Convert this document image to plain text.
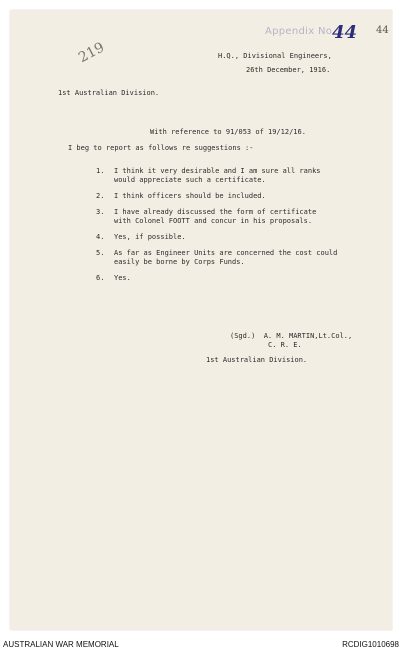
Appendix No.
44 44
219	H.Q., Divisional Engineers,
26th December, 1916.
1st Australian Division.
With reference to 91/053 of 19/12/16.
I beg to report as follows re suggestions :-
1.	I think it very desirable and I am sure all ranks
would appreciate such a certificate.
2.	I think officers should be included.
3.	I have already discussed the form of certificate
with Colonel FOOTT and concur in his proposals.
4.	Yes, if possible.
5.	As far as Engineer Units are concerned the cost could
easily be borne by Corps Funds.
6.	Yes.
(Sgd.)  A. M. MARTIN,Lt.Col.,
C. R. E.
1st Australian Division.
AUSTRALIAN WAR MEMORIAL	RCDIG1010698
